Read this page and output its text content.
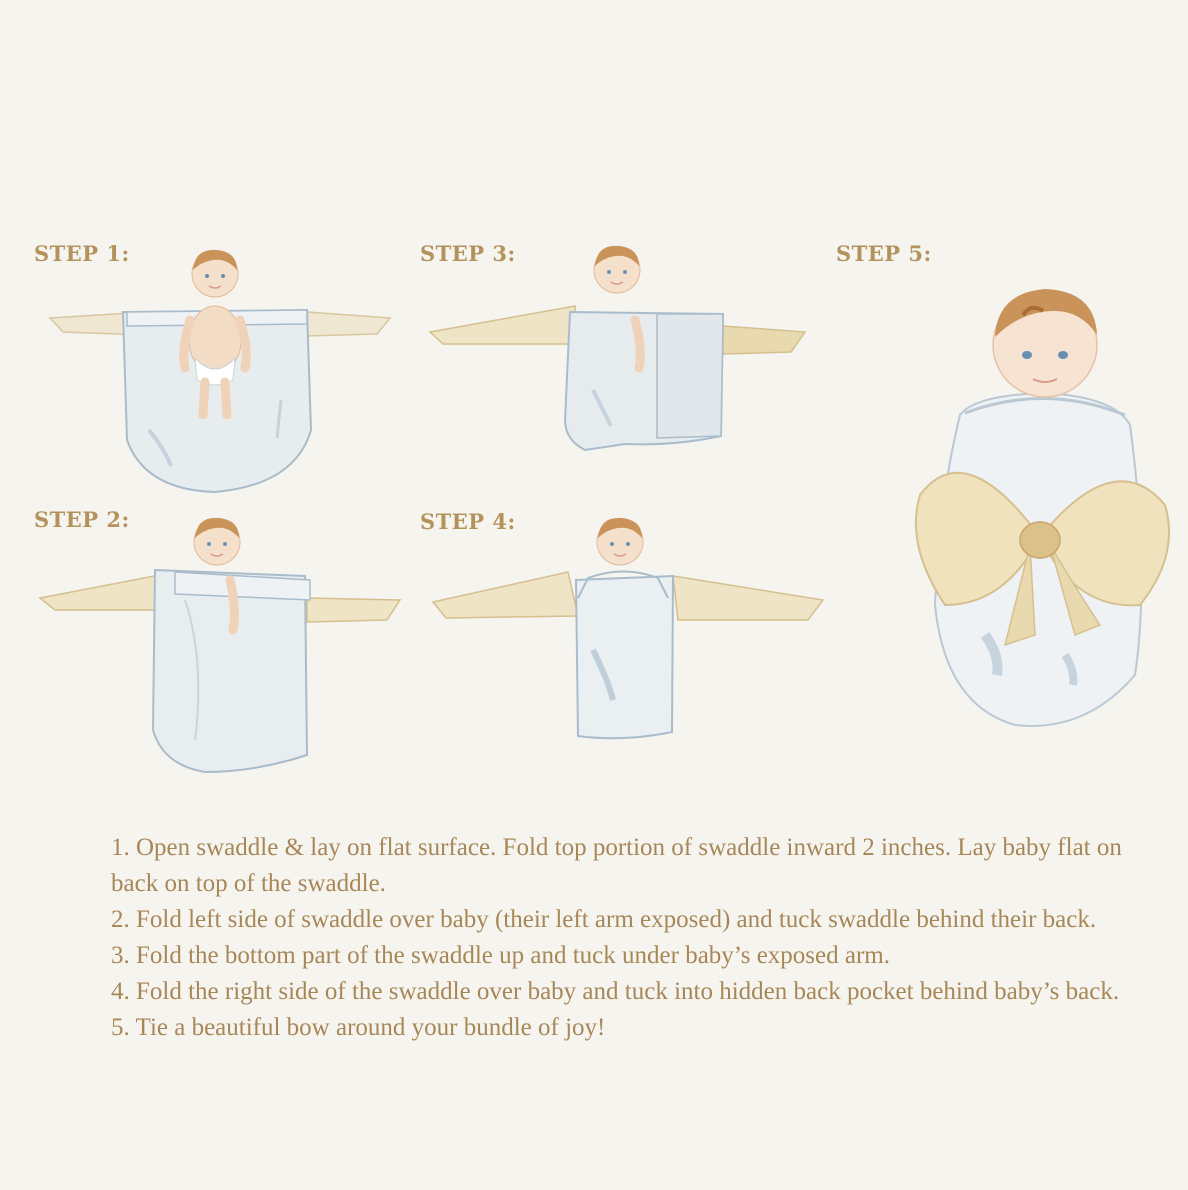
STEP 1:
STEP 2:
STEP 3:
STEP 4:
STEP 5:
1. Open swaddle & lay on flat surface. Fold top portion of swaddle inward 2 inches. Lay baby flat on back on top of the swaddle.
2. Fold left side of swaddle over baby (their left arm exposed) and tuck swaddle behind their back.
3. Fold the bottom part of the swaddle up and tuck under baby’s exposed arm.
4. Fold the right side of the swaddle over baby and tuck into hidden back pocket behind baby’s back.
5. Tie a beautiful bow around your bundle of joy!
